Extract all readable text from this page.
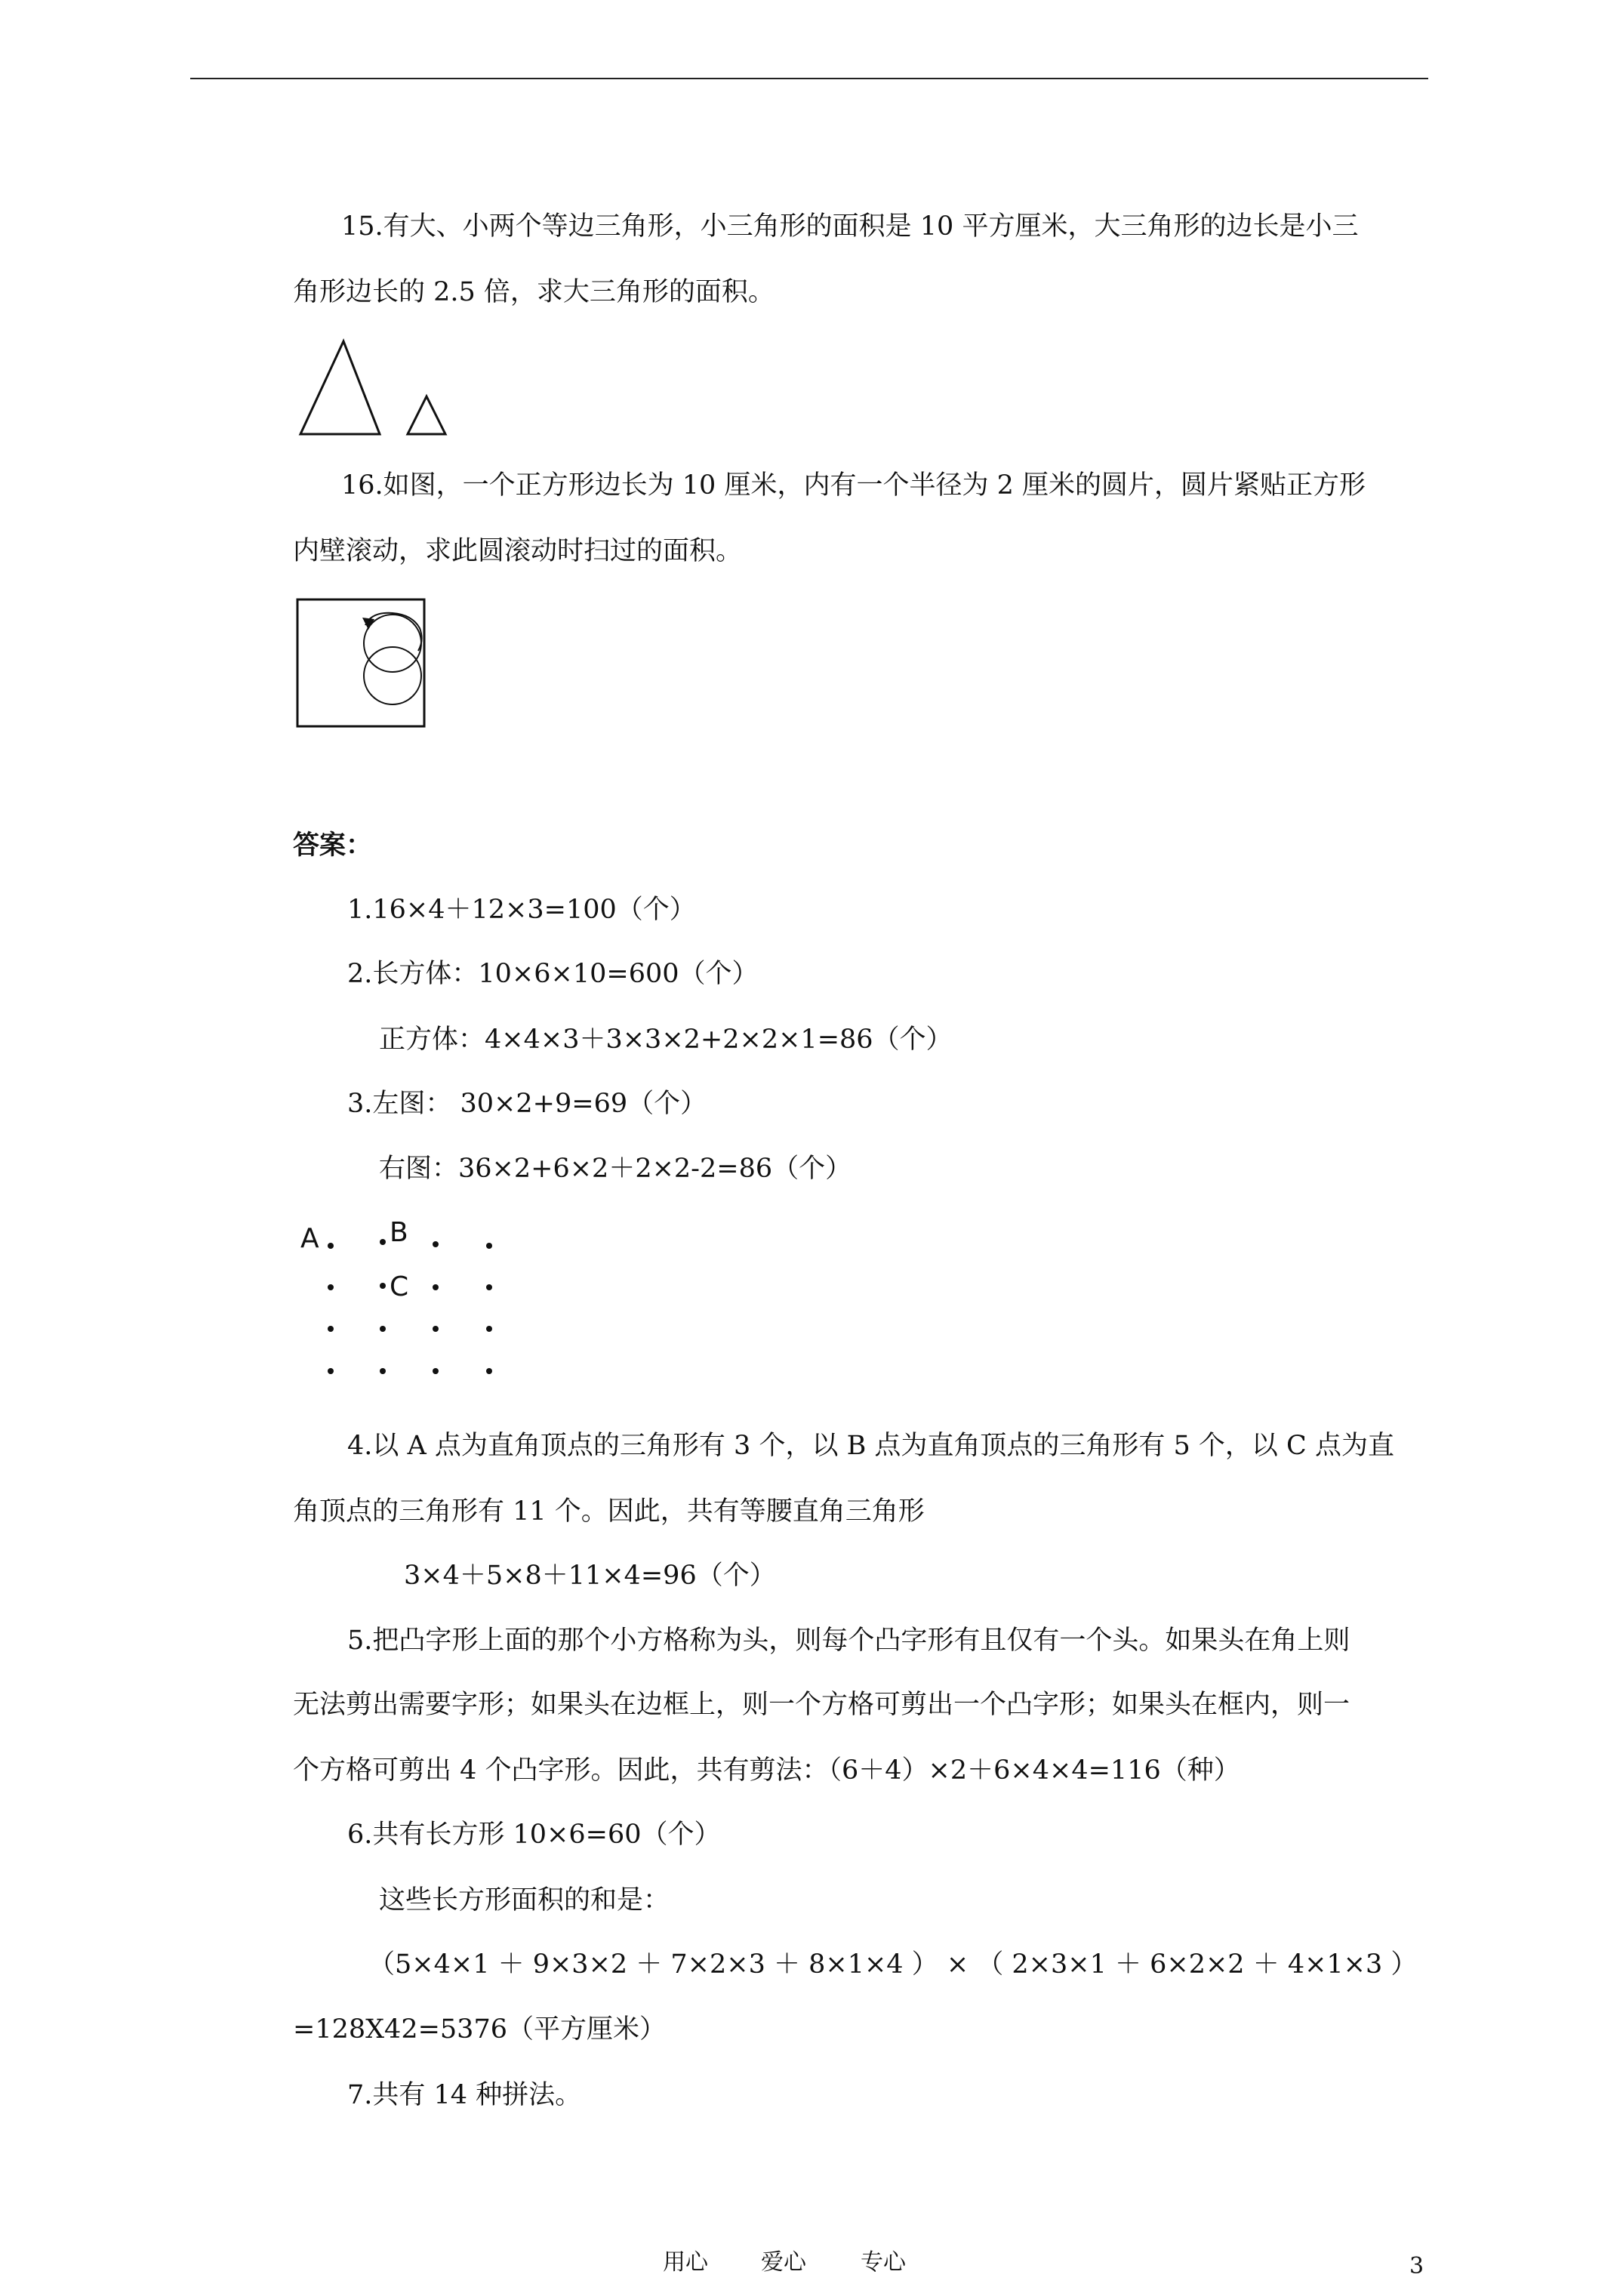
15.有大、小两个等边三角形，小三角形的面积是 10 平方厘米，大三角形的边长是小三
角形边长的 2.5 倍，求大三角形的面积。
16.如图，一个正方形边长为 10 厘米，内有一个半径为 2 厘米的圆片，圆片紧贴正方形
内壁滚动，求此圆滚动时扫过的面积。
答案：
1.16×4＋12×3=100（个）
2.长方体：10×6×10=600（个）
正方体：4×4×3＋3×3×2+2×2×1=86（个）
3.左图： 30×2+9=69（个）
右图：36×2+6×2＋2×2-2=86（个）
A	B
C
4.以 A 点为直角顶点的三角形有 3 个，以 B 点为直角顶点的三角形有 5 个，以 C 点为直
角顶点的三角形有 11 个。因此，共有等腰直角三角形
3×4＋5×8＋11×4=96（个）
5.把凸字形上面的那个小方格称为头，则每个凸字形有且仅有一个头。如果头在角上则
无法剪出需要字形；如果头在边框上，则一个方格可剪出一个凸字形；如果头在框内，则一
个方格可剪出 4 个凸字形。因此，共有剪法：（6＋4）×2＋6×4×4=116（种）
6.共有长方形 10×6=60（个）
这些长方形面积的和是：
（5×4×1 ＋ 9×3×2 ＋ 7×2×3 ＋ 8×1×4 ） × （ 2×3×1 ＋ 6×2×2 ＋ 4×1×3 ）
=128X42=5376（平方厘米）
7.共有 14 种拼法。
用心 爱心 专心	3
